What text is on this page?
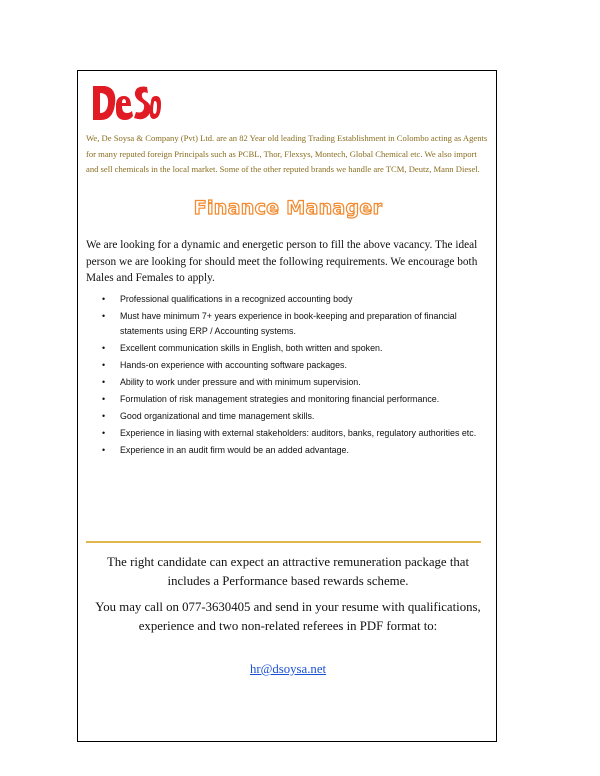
We, De Soysa & Company (Pvt) Ltd. are an 82 Year old leading Trading Establishment in Colombo acting as Agents for many reputed foreign Principals such as PCBL, Thor, Flexsys, Montech, Global Chemical etc. We also import and sell chemicals in the local market. Some of the other reputed brands we handle are TCM, Deutz, Mann Diesel.

Finance Manager

We are looking for a dynamic and energetic person to fill the above vacancy. The ideal person we are looking for should meet the following requirements. We encourage both Males and Females to apply.

• Professional qualifications in a recognized accounting body
• Must have minimum 7+ years experience in book-keeping and preparation of financial statements using ERP / Accounting systems.
• Excellent communication skills in English, both written and spoken.
• Hands-on experience with accounting software packages.
• Ability to work under pressure and with minimum supervision.
• Formulation of risk management strategies and monitoring financial performance.
• Good organizational and time management skills.
• Experience in liasing with external stakeholders: auditors, banks, regulatory authorities etc.
• Experience in an audit firm would be an added advantage.

The right candidate can expect an attractive remuneration package that includes a Performance based rewards scheme.

You may call on 077-3630405 and send in your resume with qualifications, experience and two non-related referees in PDF format to:

hr@dsoysa.net
